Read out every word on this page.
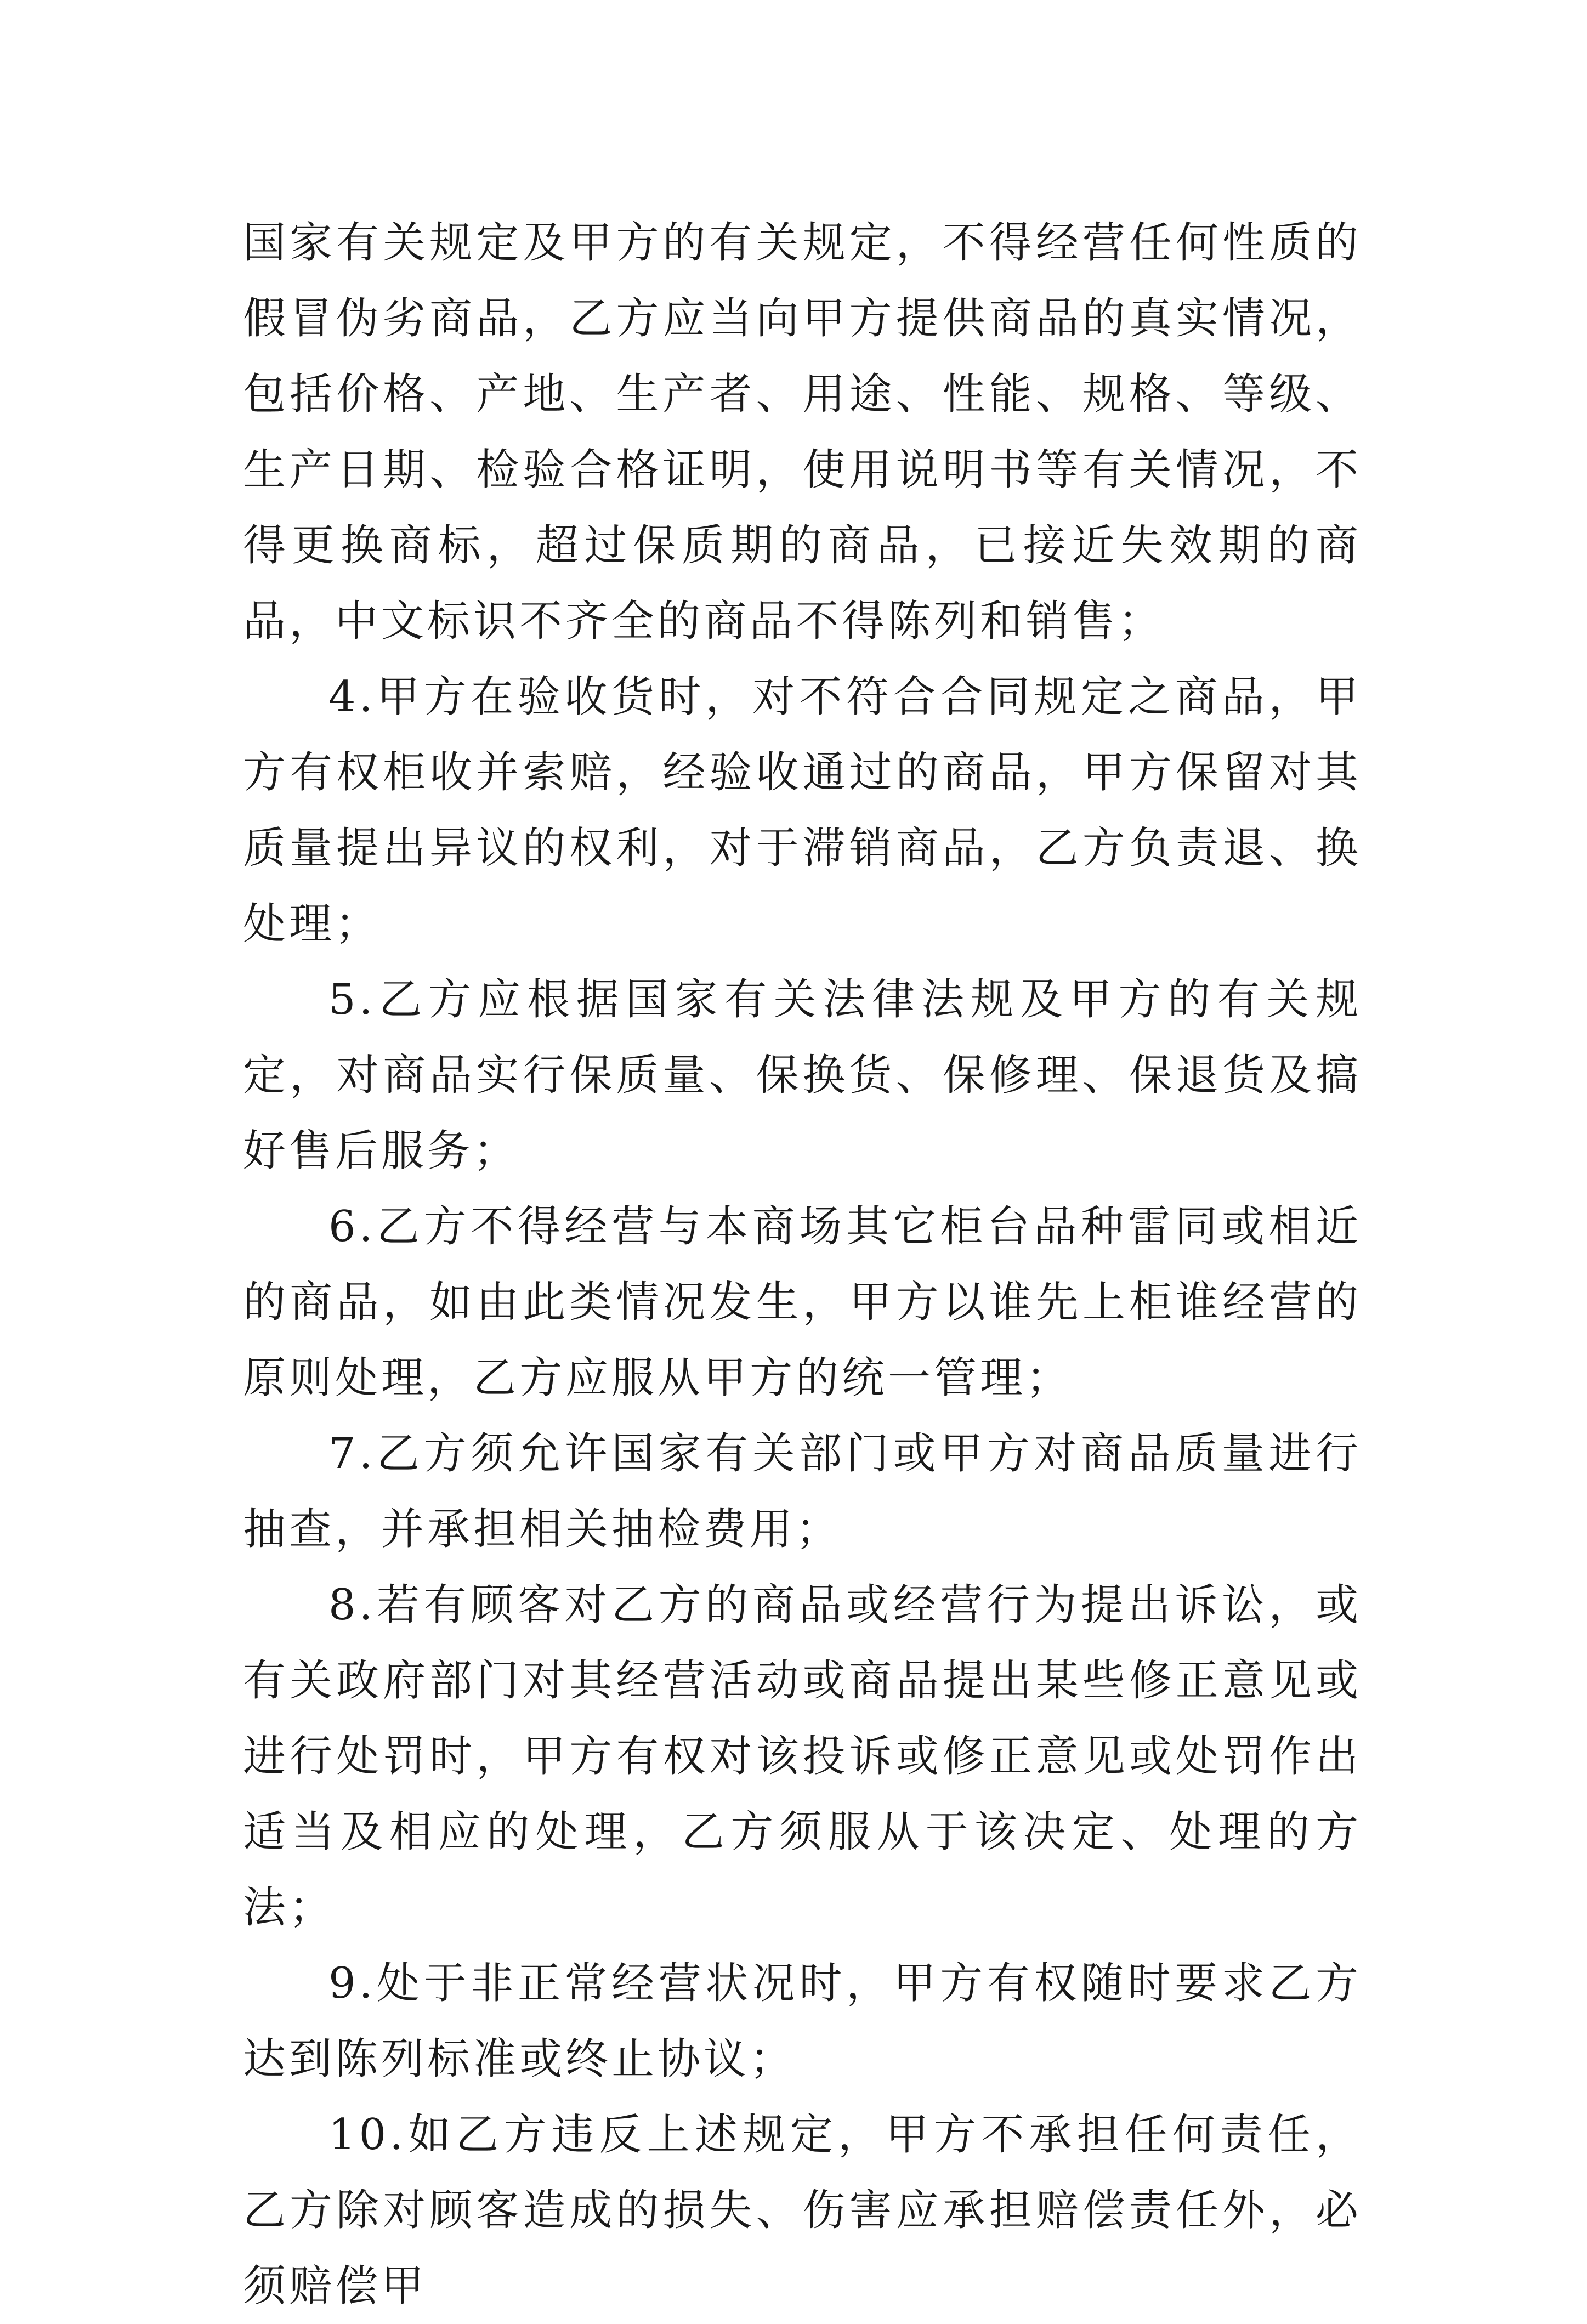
国家有关规定及甲方的有关规定，不得经营任何性质的假冒伪劣商品，乙方应当向甲方提供商品的真实情况，包括价格、产地、生产者、用途、性能、规格、等级、生产日期、检验合格证明，使用说明书等有关情况，不得更换商标，超过保质期的商品，已接近失效期的商品，中文标识不齐全的商品不得陈列和销售；

4.甲方在验收货时，对不符合合同规定之商品，甲方有权柜收并索赔，经验收通过的商品，甲方保留对其质量提出异议的权利，对于滞销商品，乙方负责退、换处理；

5.乙方应根据国家有关法律法规及甲方的有关规定，对商品实行保质量、保换货、保修理、保退货及搞好售后服务；

6.乙方不得经营与本商场其它柜台品种雷同或相近的商品，如由此类情况发生，甲方以谁先上柜谁经营的原则处理，乙方应服从甲方的统一管理；

7.乙方须允许国家有关部门或甲方对商品质量进行抽查，并承担相关抽检费用；

8.若有顾客对乙方的商品或经营行为提出诉讼，或有关政府部门对其经营活动或商品提出某些修正意见或进行处罚时，甲方有权对该投诉或修正意见或处罚作出适当及相应的处理，乙方须服从于该决定、处理的方法；

9.处于非正常经营状况时，甲方有权随时要求乙方达到陈列标准或终止协议；

10.如乙方违反上述规定，甲方不承担任何责任，乙方除对顾客造成的损失、伤害应承担赔偿责任外，必须赔偿甲
